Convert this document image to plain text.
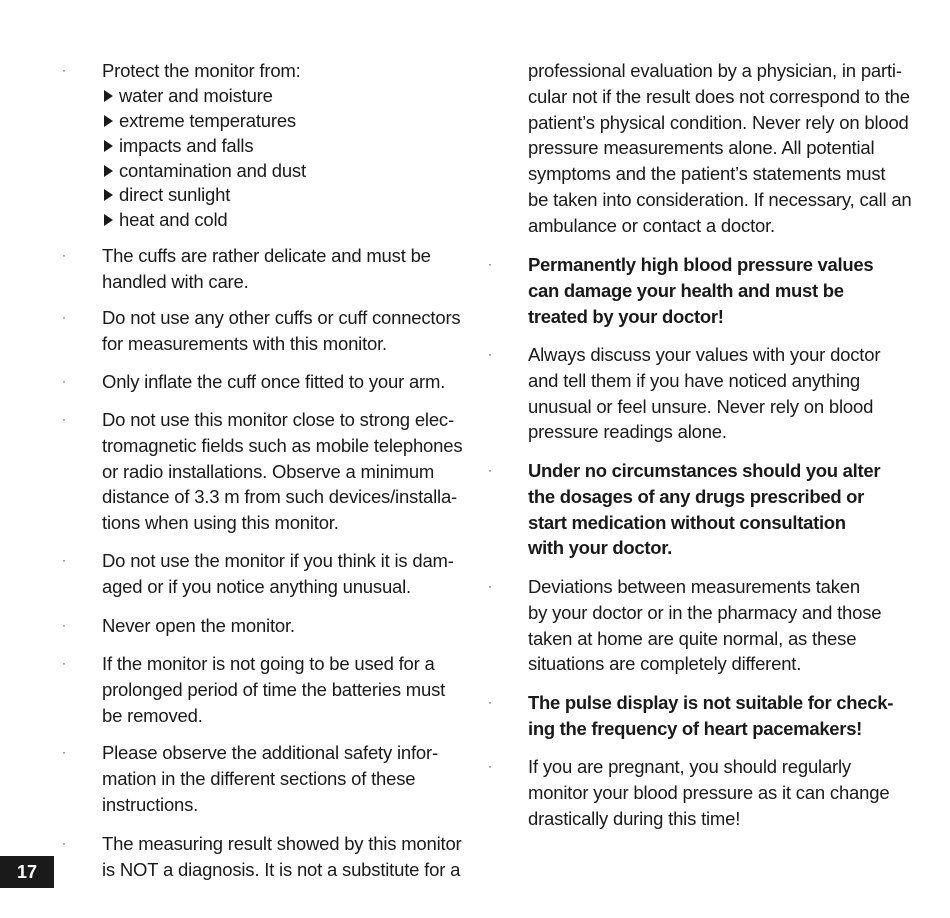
· Protect the monitor from:
water and moisture
extreme temperatures
impacts and falls
contamination and dust
direct sunlight
heat and cold
· The cuffs are rather delicate and must be
handled with care.
· Do not use any other cuffs or cuff connectors
for measurements with this monitor.
· Only inflate the cuff once fitted to your arm.
· Do not use this monitor close to strong elec-
tromagnetic fields such as mobile telephones
or radio installations. Observe a minimum
distance of 3.3 m from such devices/installa-
tions when using this monitor.
· Do not use the monitor if you think it is dam-
aged or if you notice anything unusual.
· Never open the monitor.
· If the monitor is not going to be used for a
prolonged period of time the batteries must
be removed.
· Please observe the additional safety infor-
mation in the different sections of these
instructions.
· The measuring result showed by this monitor
is NOT a diagnosis. It is not a substitute for a
professional evaluation by a physician, in parti-
cular not if the result does not correspond to the
patient’s physical condition. Never rely on blood
pressure measurements alone. All potential
symptoms and the patient’s statements must
be taken into consideration. If necessary, call an
ambulance or contact a doctor.
· Permanently high blood pressure values
can damage your health and must be
treated by your doctor!
· Always discuss your values with your doctor
and tell them if you have noticed anything
unusual or feel unsure. Never rely on blood
pressure readings alone.
· Under no circumstances should you alter
the dosages of any drugs prescribed or
start medication without consultation
with your doctor.
· Deviations between measurements taken
by your doctor or in the pharmacy and those
taken at home are quite normal, as these
situations are completely different.
· The pulse display is not suitable for check-
ing the frequency of heart pacemakers!
· If you are pregnant, you should regularly
monitor your blood pressure as it can change
drastically during this time!
17
